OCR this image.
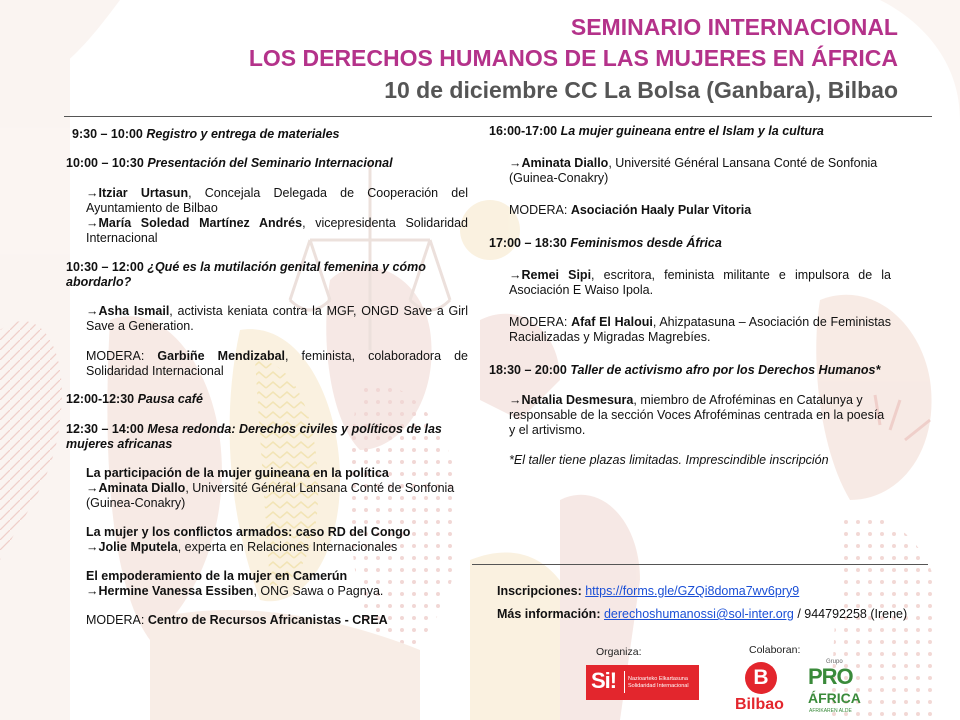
SEMINARIO INTERNACIONAL
LOS DERECHOS HUMANOS DE LAS MUJERES EN ÁFRICA
10 de diciembre CC La Bolsa (Ganbara), Bilbao
9:30 – 10:00 Registro y entrega de materiales
10:00 – 10:30 Presentación del Seminario Internacional
→Itziar Urtasun, Concejala Delegada de Cooperación del Ayuntamiento de Bilbao
→María Soledad Martínez Andrés, vicepresidenta Solidaridad Internacional
10:30 – 12:00 ¿Qué es la mutilación genital femenina y cómo abordarlo?
→Asha Ismail, activista keniata contra la MGF, ONGD Save a Girl Save a Generation.
MODERA: Garbiñe Mendizabal, feminista, colaboradora de Solidaridad Internacional
12:00-12:30 Pausa café
12:30 – 14:00 Mesa redonda: Derechos civiles y políticos de las mujeres africanas
La participación de la mujer guineana en la política
→Aminata Diallo, Université Général Lansana Conté de Sonfonia (Guinea-Conakry)
La mujer y los conflictos armados: caso RD del Congo
→Jolie Mputela, experta en Relaciones Internacionales
El empoderamiento de la mujer en Camerún
→Hermine Vanessa Essiben, ONG Sawa o Pagnya.
MODERA: Centro de Recursos Africanistas - CREA
16:00-17:00 La mujer guineana entre el Islam y la cultura
→Aminata Diallo, Université Général Lansana Conté de Sonfonia (Guinea-Conakry)
MODERA: Asociación Haaly Pular Vitoria
17:00 – 18:30 Feminismos desde África
→Remei Sipi, escritora, feminista militante e impulsora de la Asociación E Waiso Ipola.
MODERA: Afaf El Haloui, Ahizpatasuna – Asociación de Feministas Racializadas y Migradas Magrebíes.
18:30 – 20:00 Taller de activismo afro por los Derechos Humanos*
→Natalia Desmesura, miembro de Afroféminas en Catalunya y responsable de la sección Voces Afroféminas centrada en la poesía y el artivismo.
*El taller tiene plazas limitadas. Imprescindible inscripción
Inscripciones: https://forms.gle/GZQi8doma7wv6pry9
Más información: derechoshumanossi@sol-inter.org / 944792258 (Irene)
Organiza:	Colaboran:
Si! Nazioarteko Elkartasuna
Solidaridad Internacional	B
Bilbao
Grupo
PRO
ÁFRICA
AFRIKAREN ALDE
